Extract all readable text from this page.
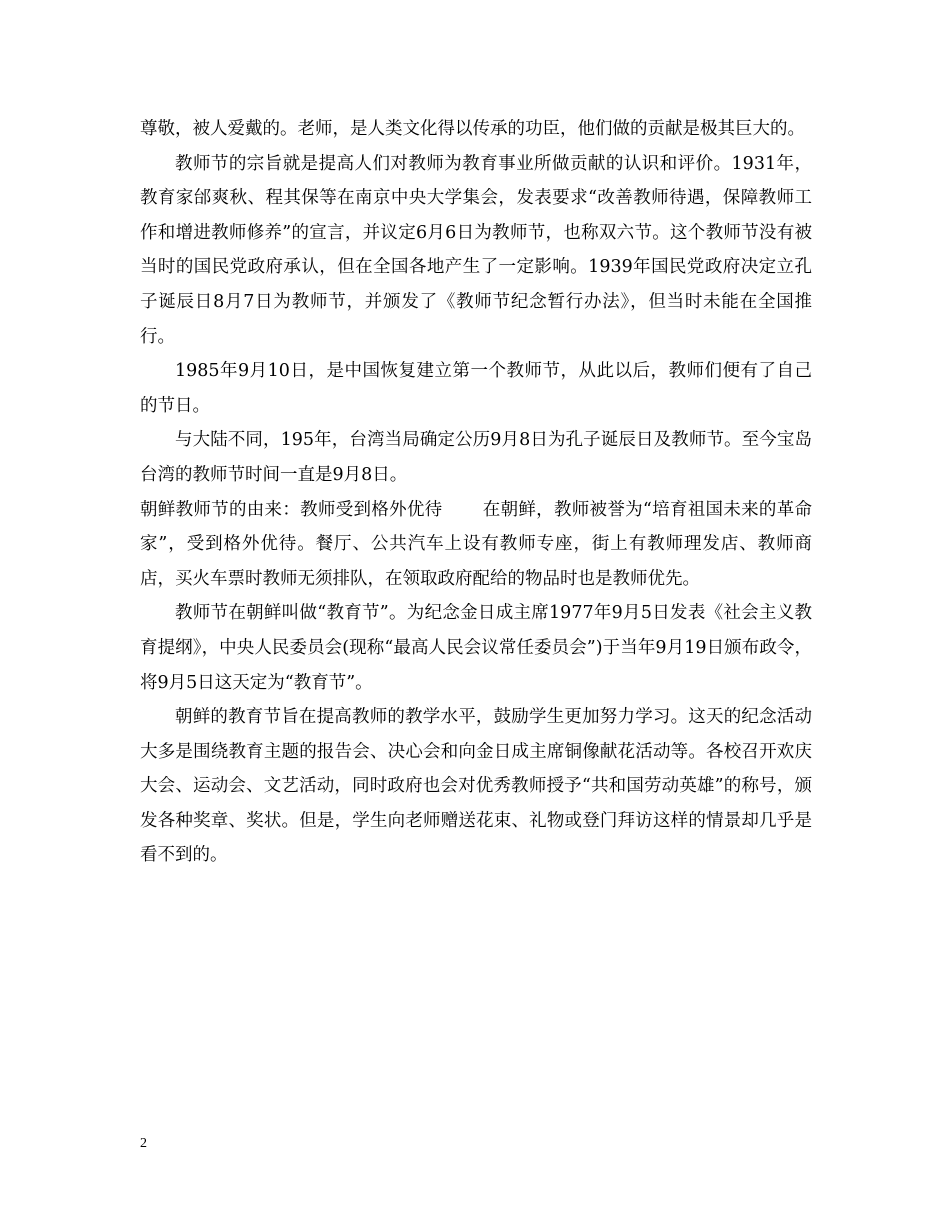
尊敬，被人爱戴的。老师，是人类文化得以传承的功臣，他们做的贡献是极其巨大的。

教师节的宗旨就是提高人们对教师为教育事业所做贡献的认识和评价。1931年，教育家邰爽秋、程其保等在南京中央大学集会，发表要求“改善教师待遇，保障教师工作和增进教师修养”的宣言，并议定6月6日为教师节，也称双六节。这个教师节没有被当时的国民党政府承认，但在全国各地产生了一定影响。1939年国民党政府决定立孔子诞辰日8月7日为教师节，并颁发了《教师节纪念暂行办法》，但当时未能在全国推行。

1985年9月10日，是中国恢复建立第一个教师节，从此以后，教师们便有了自己的节日。

与大陆不同，195年，台湾当局确定公历9月8日为孔子诞辰日及教师节。至今宝岛台湾的教师节时间一直是9月8日。

朝鲜教师节的由来：教师受到格外优待 在朝鲜，教师被誉为“培育祖国未来的革命家”，受到格外优待。餐厅、公共汽车上设有教师专座，街上有教师理发店、教师商店，买火车票时教师无须排队，在领取政府配给的物品时也是教师优先。

教师节在朝鲜叫做“教育节”。为纪念金日成主席1977年9月5日发表《社会主义教育提纲》，中央人民委员会(现称“最高人民会议常任委员会”)于当年9月19日颁布政令，将9月5日这天定为“教育节”。

朝鲜的教育节旨在提高教师的教学水平，鼓励学生更加努力学习。这天的纪念活动大多是围绕教育主题的报告会、决心会和向金日成主席铜像献花活动等。各校召开欢庆大会、运动会、文艺活动，同时政府也会对优秀教师授予“共和国劳动英雄”的称号，颁发各种奖章、奖状。但是，学生向老师赠送花束、礼物或登门拜访这样的情景却几乎是看不到的。

2
